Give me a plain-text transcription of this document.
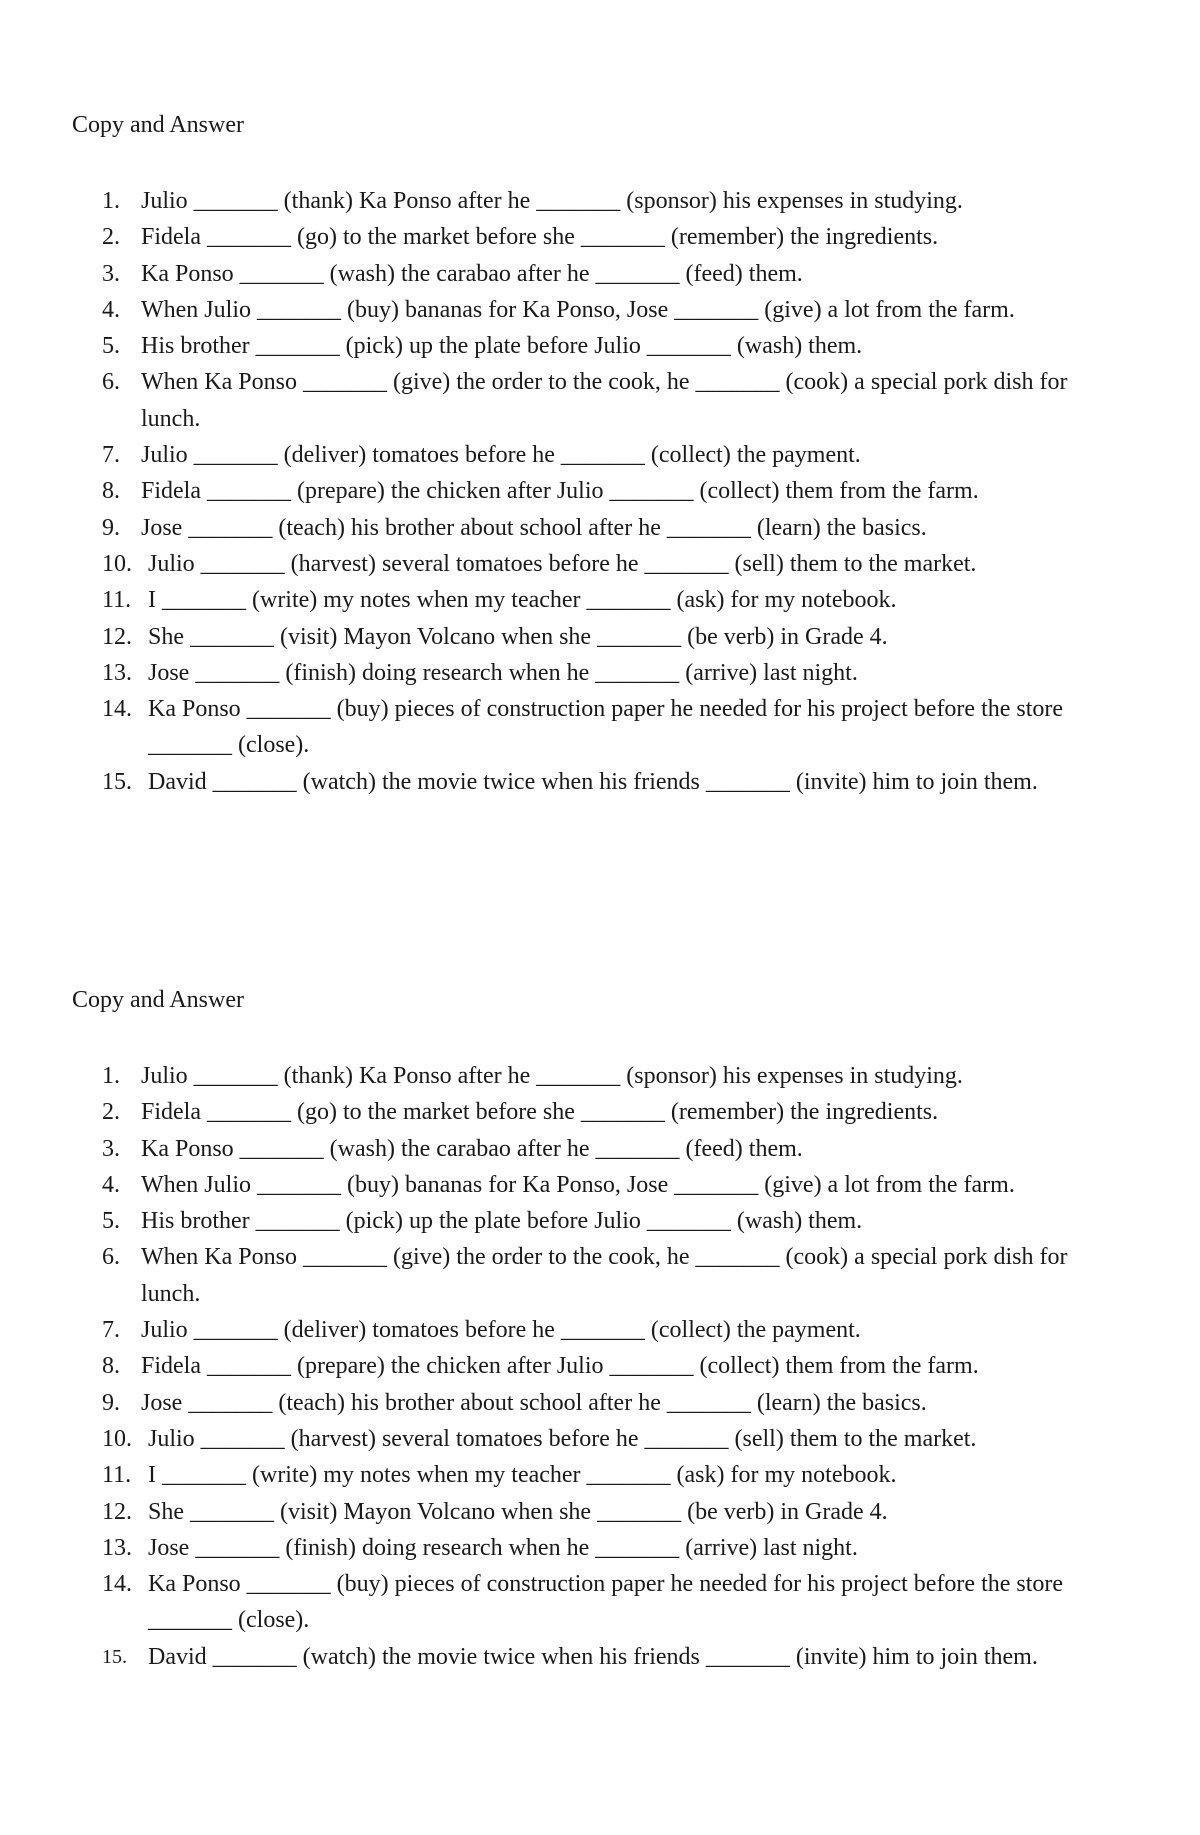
Copy and Answer
1. Julio _______ (thank) Ka Ponso after he _______ (sponsor) his expenses in studying.
2. Fidela _______ (go) to the market before she _______ (remember) the ingredients.
3. Ka Ponso _______ (wash) the carabao after he _______ (feed) them.
4. When Julio _______ (buy) bananas for Ka Ponso, Jose _______ (give) a lot from the farm.
5. His brother _______ (pick) up the plate before Julio _______ (wash) them.
6. When Ka Ponso _______ (give) the order to the cook, he _______ (cook) a special pork dish for lunch.
7. Julio _______ (deliver) tomatoes before he _______ (collect) the payment.
8. Fidela _______ (prepare) the chicken after Julio _______ (collect) them from the farm.
9. Jose _______ (teach) his brother about school after he _______ (learn) the basics.
10. Julio _______ (harvest) several tomatoes before he _______ (sell) them to the market.
11. I _______ (write) my notes when my teacher _______ (ask) for my notebook.
12. She _______ (visit) Mayon Volcano when she _______ (be verb) in Grade 4.
13. Jose _______ (finish) doing research when he _______ (arrive) last night.
14. Ka Ponso _______ (buy) pieces of construction paper he needed for his project before the store _______ (close).
15. David _______ (watch) the movie twice when his friends _______ (invite) him to join them.
Copy and Answer
1. Julio _______ (thank) Ka Ponso after he _______ (sponsor) his expenses in studying.
2. Fidela _______ (go) to the market before she _______ (remember) the ingredients.
3. Ka Ponso _______ (wash) the carabao after he _______ (feed) them.
4. When Julio _______ (buy) bananas for Ka Ponso, Jose _______ (give) a lot from the farm.
5. His brother _______ (pick) up the plate before Julio _______ (wash) them.
6. When Ka Ponso _______ (give) the order to the cook, he _______ (cook) a special pork dish for lunch.
7. Julio _______ (deliver) tomatoes before he _______ (collect) the payment.
8. Fidela _______ (prepare) the chicken after Julio _______ (collect) them from the farm.
9. Jose _______ (teach) his brother about school after he _______ (learn) the basics.
10. Julio _______ (harvest) several tomatoes before he _______ (sell) them to the market.
11. I _______ (write) my notes when my teacher _______ (ask) for my notebook.
12. She _______ (visit) Mayon Volcano when she _______ (be verb) in Grade 4.
13. Jose _______ (finish) doing research when he _______ (arrive) last night.
14. Ka Ponso _______ (buy) pieces of construction paper he needed for his project before the store _______ (close).
15. David _______ (watch) the movie twice when his friends _______ (invite) him to join them.
